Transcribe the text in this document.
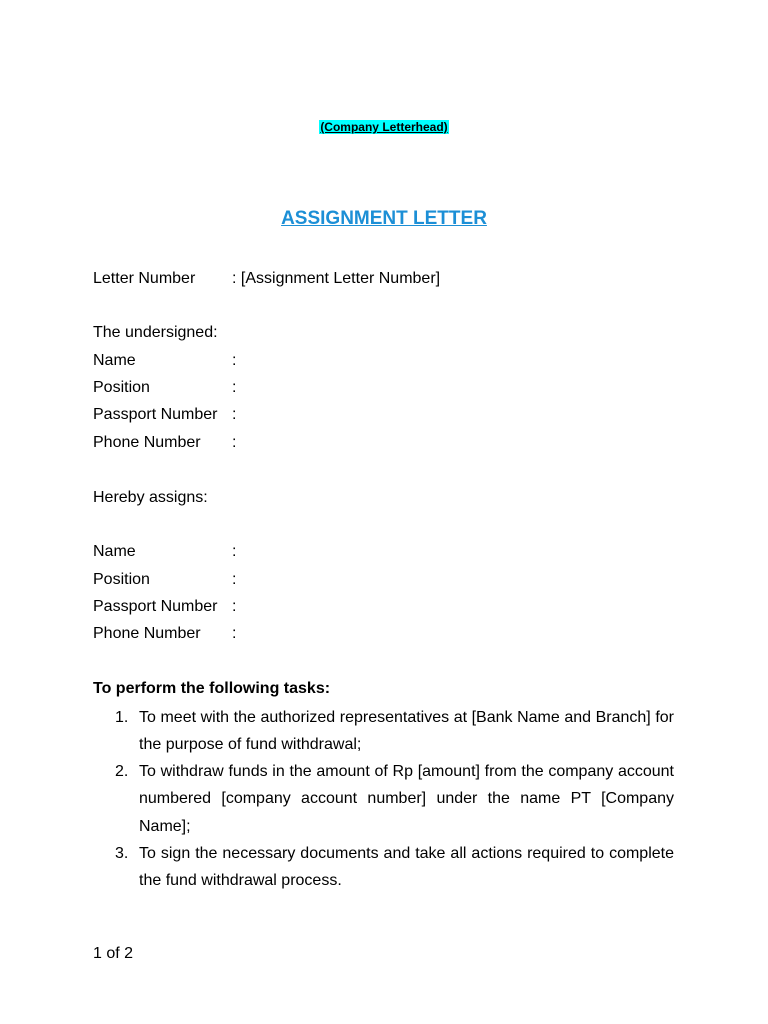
(Company Letterhead)
ASSIGNMENT LETTER
Letter Number : [Assignment Letter Number]
The undersigned:
Name	:
Position	:
Passport Number :
Phone Number :
Hereby assigns:
Name	:
Position	:
Passport Number :
Phone Number :
To perform the following tasks:
1. To meet with the authorized representatives at [Bank Name and Branch] for the purpose of fund withdrawal;
2. To withdraw funds in the amount of Rp [amount] from the company account numbered [company account number] under the name PT [Company Name];
3. To sign the necessary documents and take all actions required to complete the fund withdrawal process.
1 of 2
